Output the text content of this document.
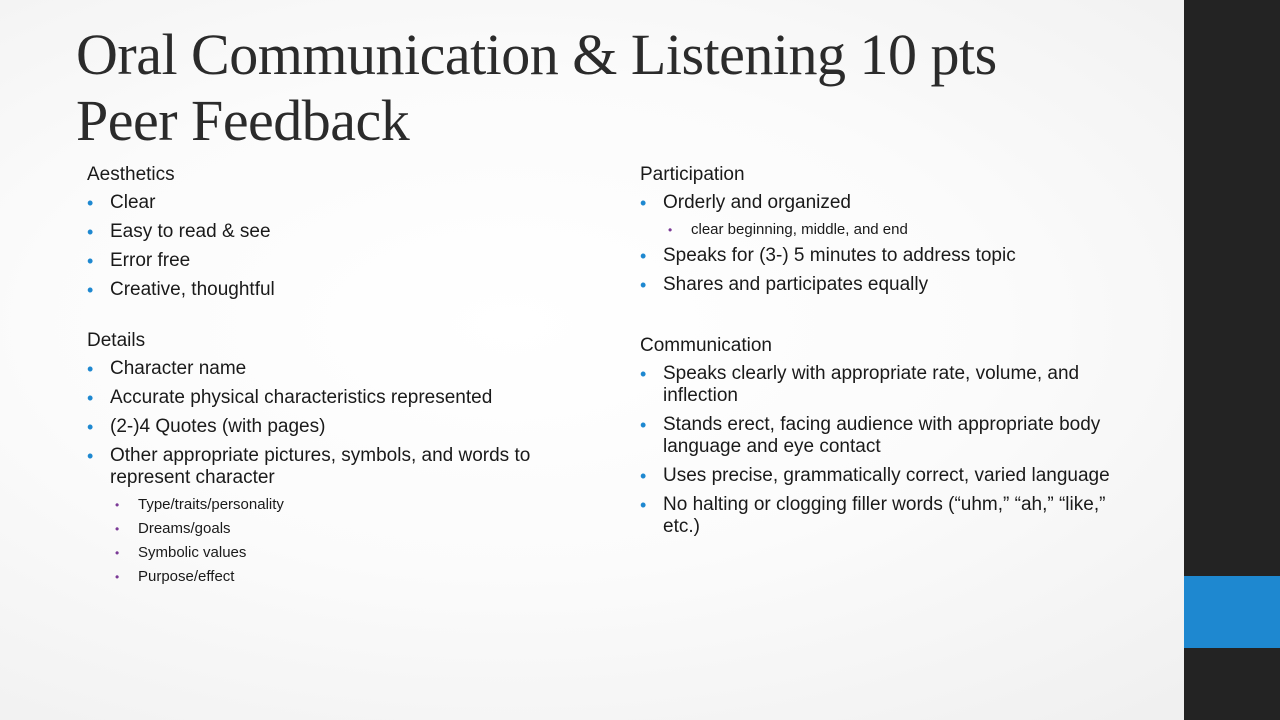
Oral Communication & Listening 10 pts
Peer Feedback
Aesthetics
• Clear
• Easy to read & see
• Error free
• Creative, thoughtful
Details
• Character name
• Accurate physical characteristics represented
• (2-)4 Quotes (with pages)
• Other appropriate pictures, symbols, and words to represent character
• Type/traits/personality
• Dreams/goals
• Symbolic values
• Purpose/effect
Participation
• Orderly and organized
• clear beginning, middle, and end
• Speaks for (3-) 5 minutes to address topic
• Shares and participates equally
Communication
• Speaks clearly with appropriate rate, volume, and inflection
• Stands erect, facing audience with appropriate body language and eye contact
• Uses precise, grammatically correct, varied language
• No halting or clogging filler words (“uhm,” “ah,” “like,” etc.)
